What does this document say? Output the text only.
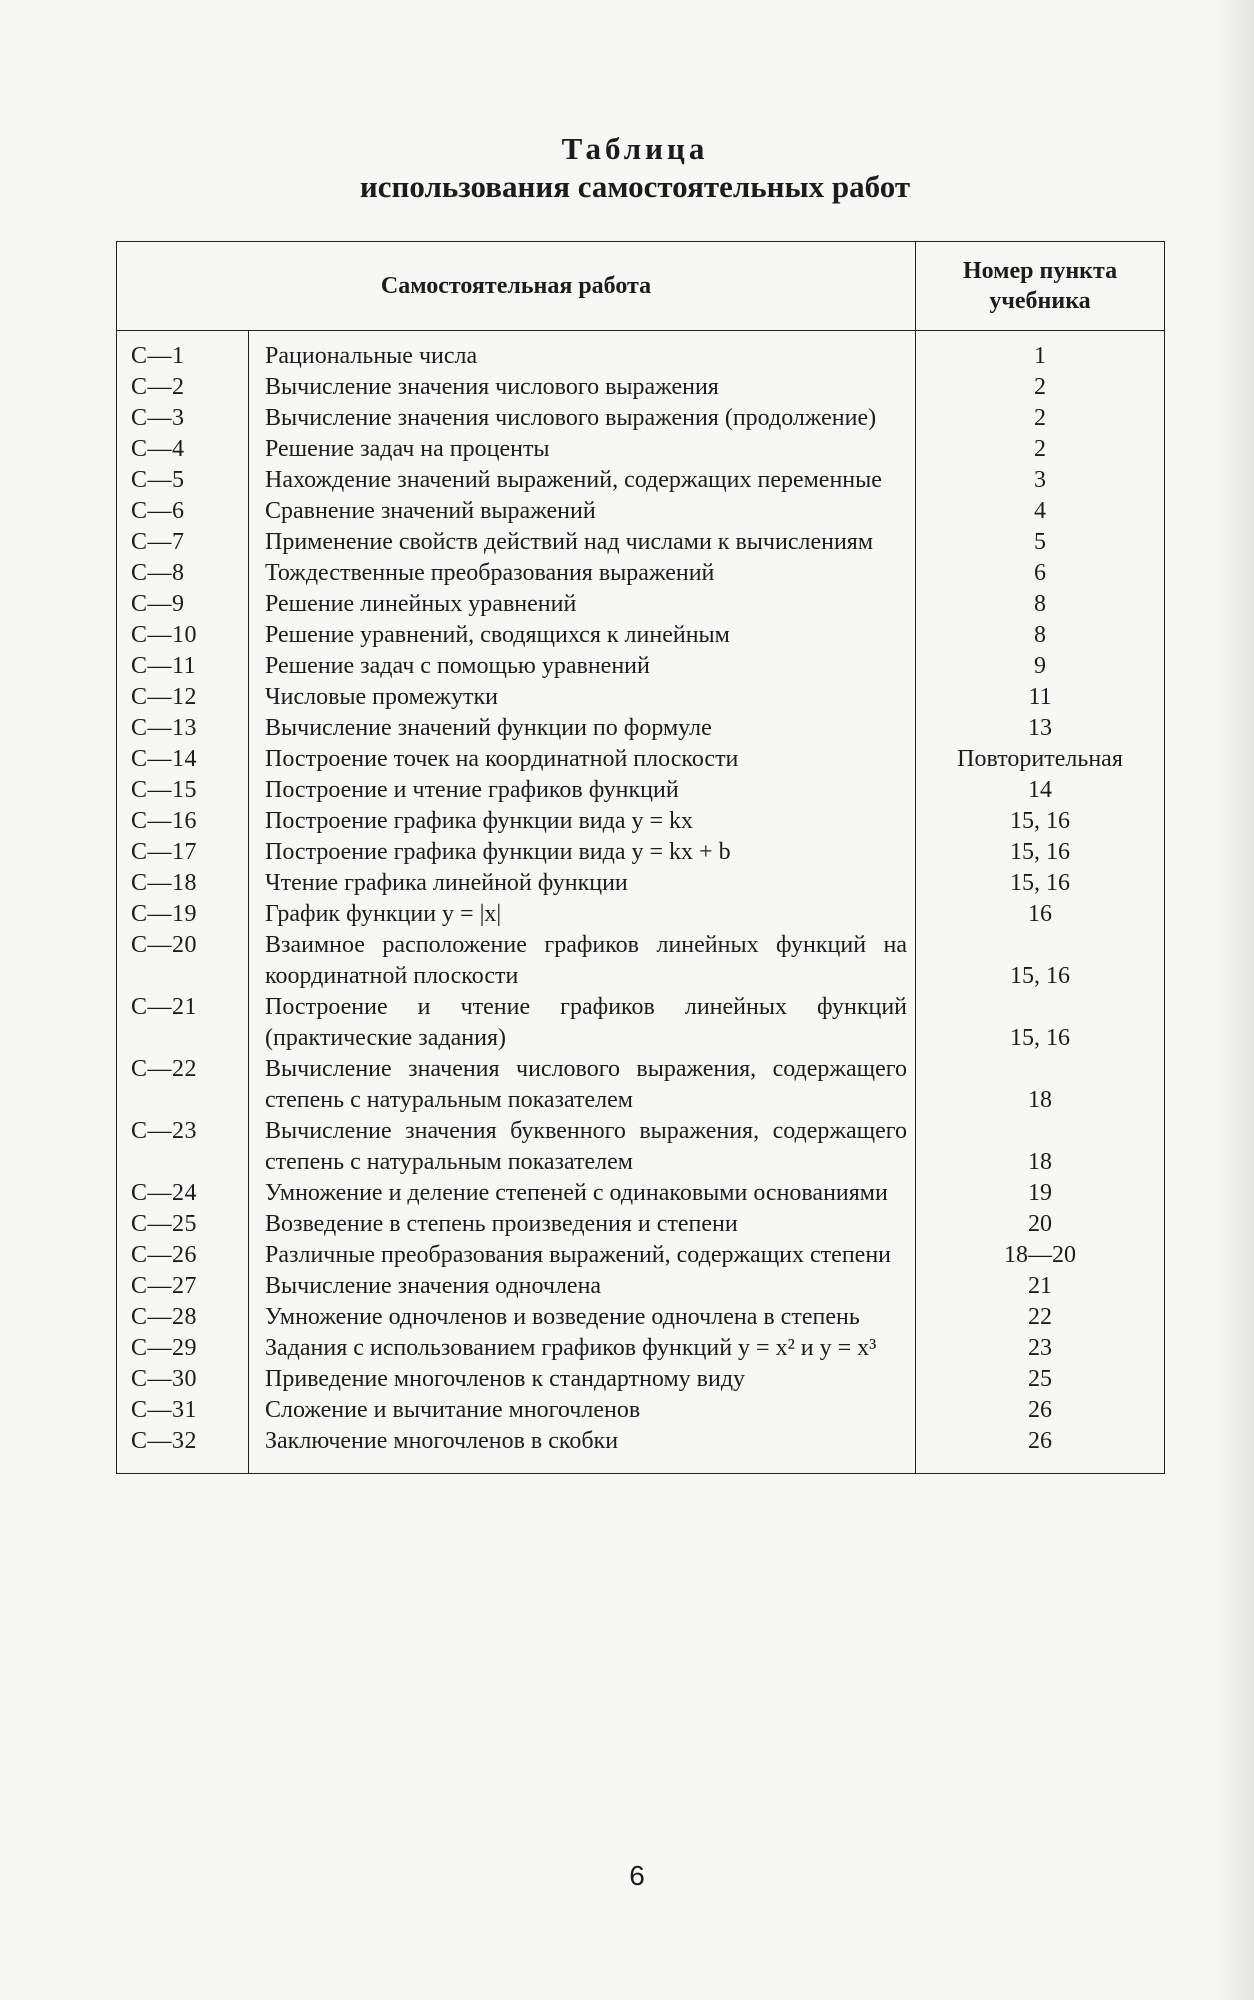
Таблица
использования самостоятельных работ
Самостоятельная работа		Номер пункта учебника
С—1	Рациональные числа	1
С—2	Вычисление значения числового выражения	2
С—3	Вычисление значения числового выражения (продолжение)	2
С—4	Решение задач на проценты	2
С—5	Нахождение значений выражений, содержащих переменные	3
С—6	Сравнение значений выражений	4
С—7	Применение свойств действий над числами к вычислениям	5
С—8	Тождественные преобразования выражений	6
С—9	Решение линейных уравнений	8
С—10	Решение уравнений, сводящихся к линейным	8
С—11	Решение задач с помощью уравнений	9
С—12	Числовые промежутки	11
С—13	Вычисление значений функции по формуле	13
С—14	Построение точек на координатной плоскости	Повторительная
С—15	Построение и чтение графиков функций	14
С—16	Построение графика функции вида y = kx	15, 16
С—17	Построение графика функции вида y = kx + b	15, 16
С—18	Чтение графика линейной функции	15, 16
С—19	График функции y = |x|	16
С—20	Взаимное расположение графиков линейных функций на координатной плоскости	15, 16
С—21	Построение и чтение графиков линейных функций (практические задания)	15, 16
С—22	Вычисление значения числового выражения, содержащего степень с натуральным показателем	18
С—23	Вычисление значения буквенного выражения, содержащего степень с натуральным показателем	18
С—24	Умножение и деление степеней с одинаковыми основаниями	19
С—25	Возведение в степень произведения и степени	20
С—26	Различные преобразования выражений, содержащих степени	18—20
С—27	Вычисление значения одночлена	21
С—28	Умножение одночленов и возведение одночлена в степень	22
С—29	Задания с использованием графиков функций y = x² и y = x³	23
С—30	Приведение многочленов к стандартному виду	25
С—31	Сложение и вычитание многочленов	26
С—32	Заключение многочленов в скобки	26
6
